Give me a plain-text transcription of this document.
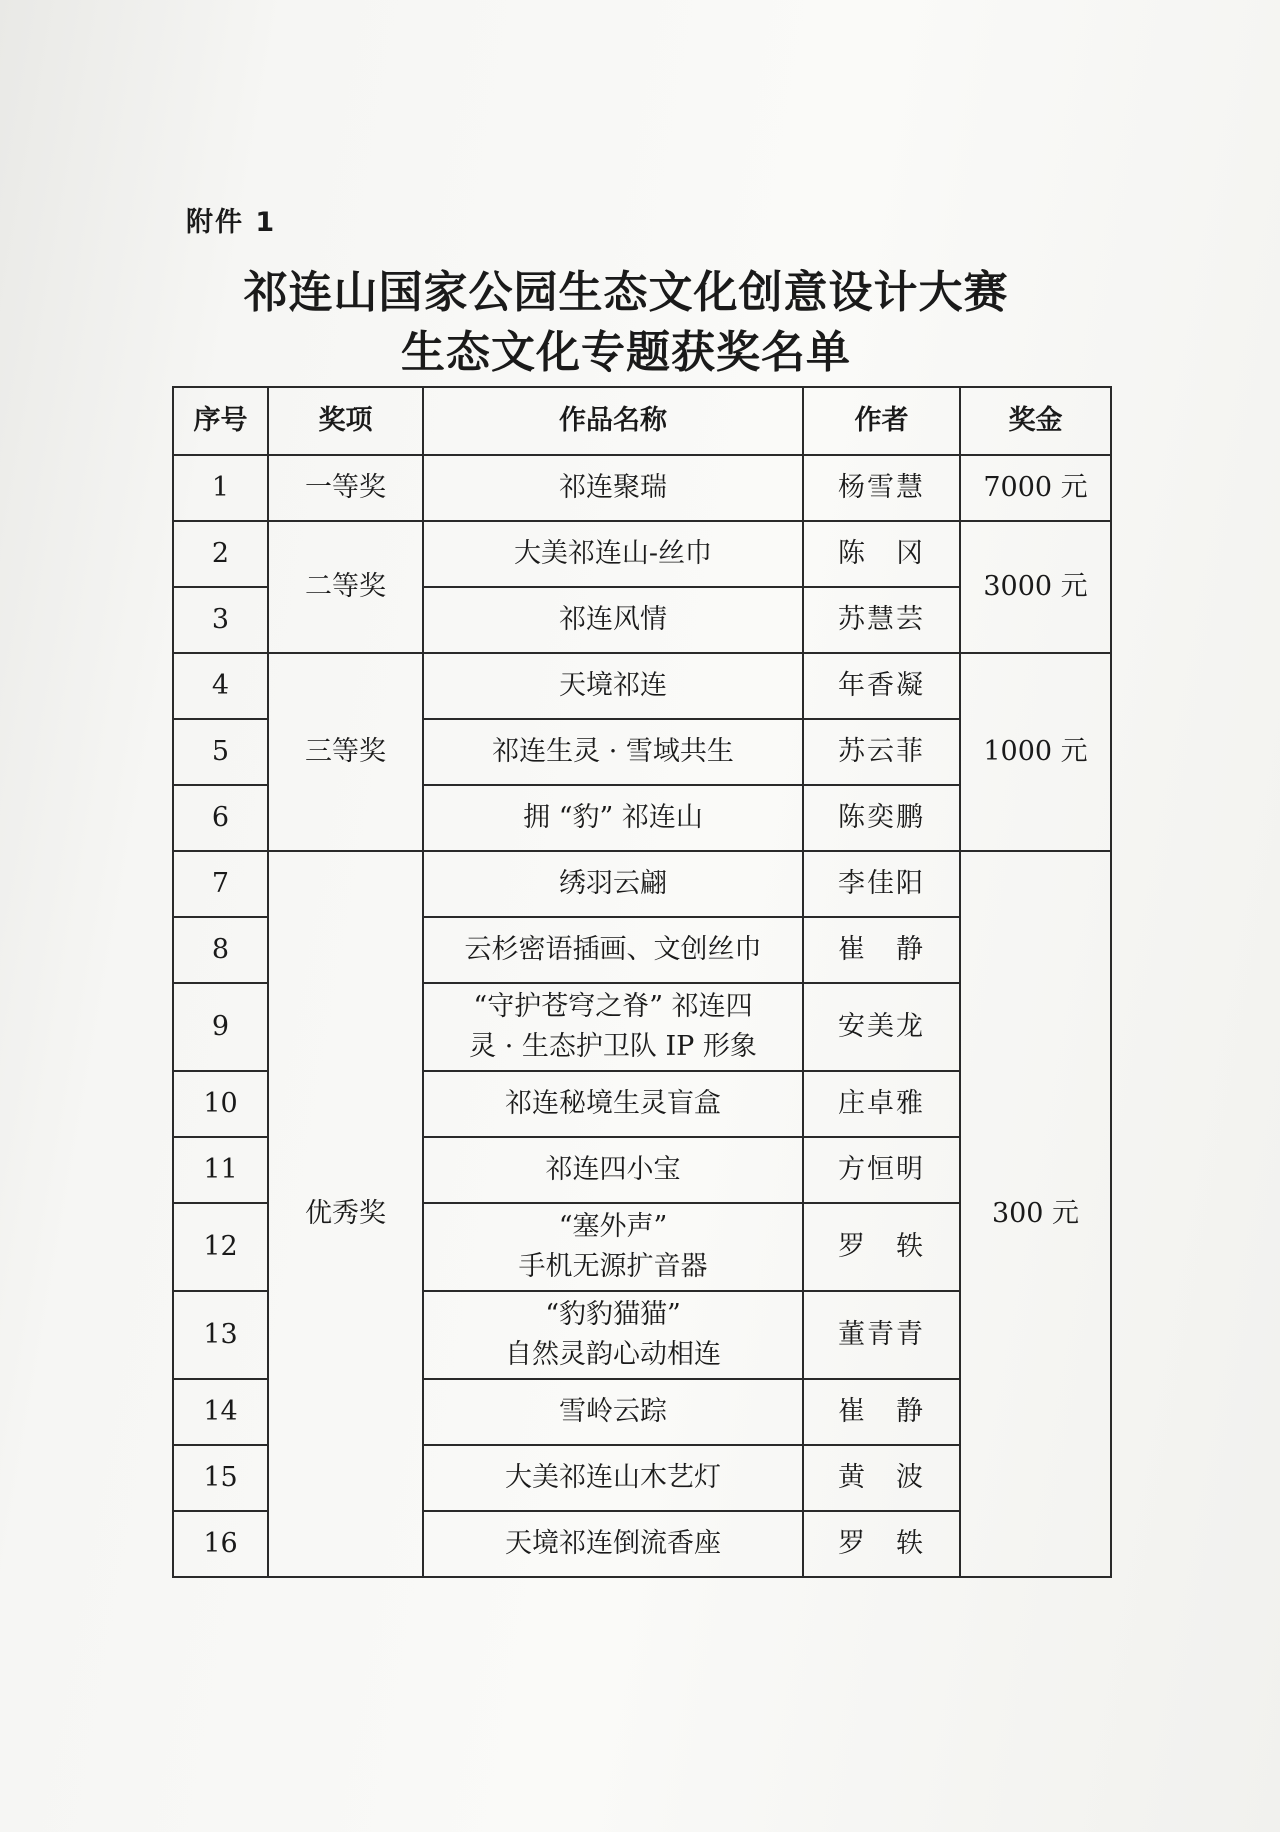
附件 1
祁连山国家公园生态文化创意设计大赛
生态文化专题获奖名单
序号	奖项	作品名称	作者	奖金
1	一等奖	祁连聚瑞	杨雪慧	7000 元
2	二等奖	大美祁连山-丝巾	陈　冈	3000 元
3		祁连风情	苏慧芸	
4	三等奖	天境祁连	年香凝	1000 元
5		祁连生灵 · 雪域共生	苏云菲	
6		拥 “豹” 祁连山	陈奕鹏	
7	优秀奖	绣羽云翩	李佳阳	300 元
8		云杉密语插画、文创丝巾	崔　静	
9		“守护苍穹之脊” 祁连四
灵 · 生态护卫队 IP 形象	安美龙	
10		祁连秘境生灵盲盒	庄卓雅	
11		祁连四小宝	方恒明	
12		“塞外声”
手机无源扩音器	罗　轶	
13		“豹豹猫猫”
自然灵韵心动相连	董青青	
14		雪岭云踪	崔　静	
15		大美祁连山木艺灯	黄　波	
16		天境祁连倒流香座	罗　轶	
